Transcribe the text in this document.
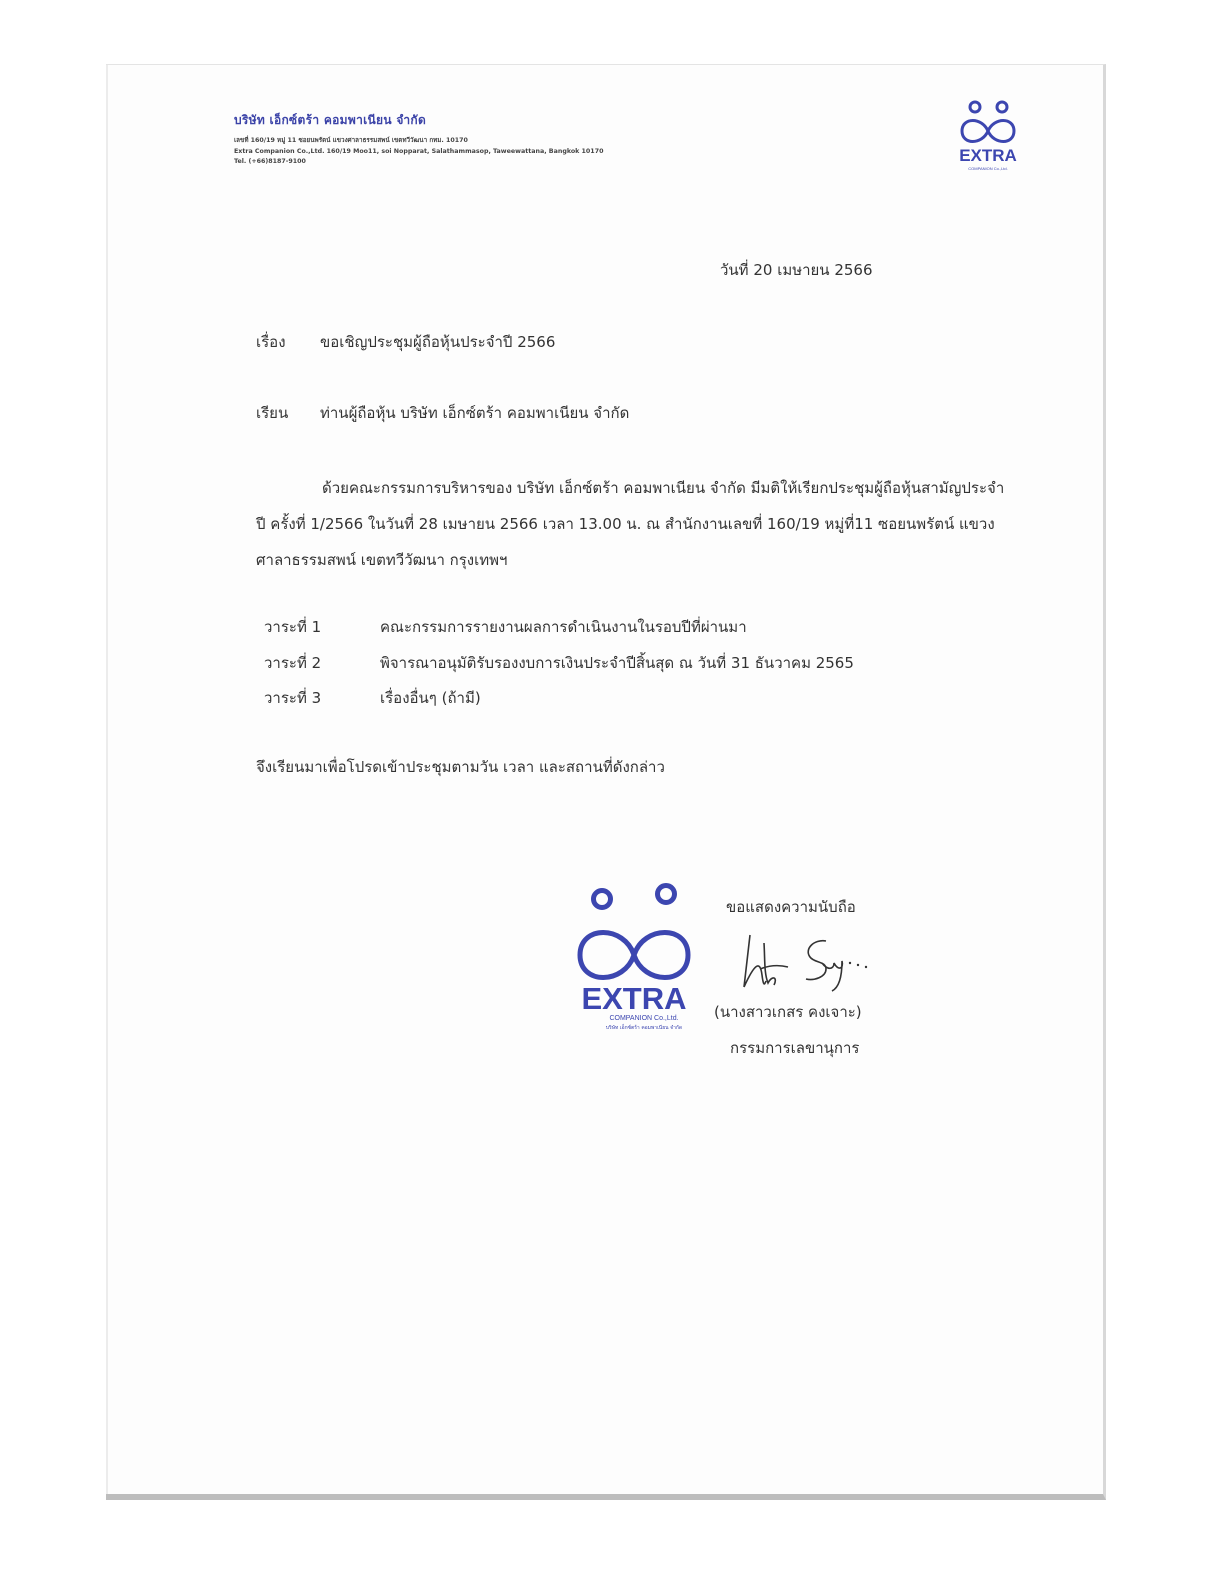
บริษัท เอ็กซ์ตร้า คอมพาเนียน จำกัด
เลขที่ 160/19 หมู่ 11 ซอยนพรัตน์ แขวงศาลาธรรมสพน์ เขตทวีวัฒนา กทม. 10170
Extra Companion Co.,Ltd. 160/19 Moo11, soi Nopparat, Salathammasop, Taweewattana, Bangkok 10170
Tel. (+66)8187-9100	EXTRA
COMPANION Co.,Ltd.
วันที่ 20 เมษายน 2566
เรื่อง ขอเชิญประชุมผู้ถือหุ้นประจำปี 2566
เรียน ท่านผู้ถือหุ้น บริษัท เอ็กซ์ตร้า คอมพาเนียน จำกัด
ด้วยคณะกรรมการบริหารของ บริษัท เอ็กซ์ตร้า คอมพาเนียน จำกัด มีมติให้เรียกประชุมผู้ถือหุ้นสามัญประจำปี ครั้งที่ 1/2566 ในวันที่ 28 เมษายน 2566 เวลา 13.00 น. ณ สำนักงานเลขที่ 160/19 หมู่ที่11 ซอยนพรัตน์ แขวงศาลาธรรมสพน์ เขตทวีวัฒนา กรุงเทพฯ
วาระที่ 1	คณะกรรมการรายงานผลการดำเนินงานในรอบปีที่ผ่านมา
วาระที่ 2	พิจารณาอนุมัติรับรองงบการเงินประจำปีสิ้นสุด ณ วันที่ 31 ธันวาคม 2565
วาระที่ 3	เรื่องอื่นๆ (ถ้ามี)
จึงเรียนมาเพื่อโปรดเข้าประชุมตามวัน เวลา และสถานที่ดังกล่าว
EXTRA
COMPANION Co.,Ltd.
บริษัท เอ็กซ์ตร้า คอมพาเนียน จำกัด
ขอแสดงความนับถือ
(นางสาวเกสร คงเจาะ)
กรรมการเลขานุการ
